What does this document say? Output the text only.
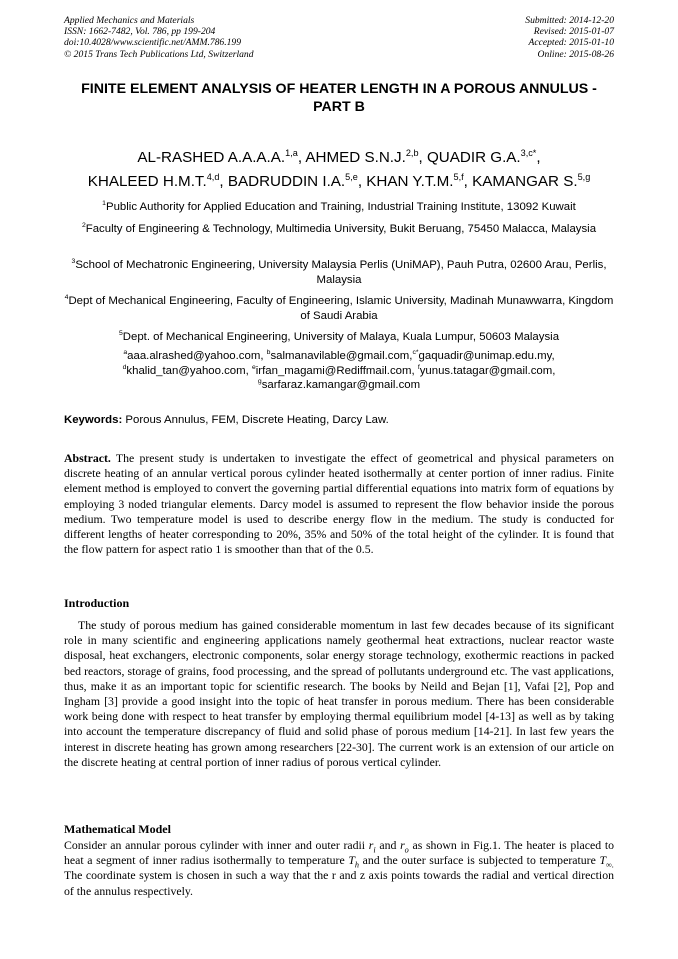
Applied Mechanics and Materials
ISSN: 1662-7482, Vol. 786, pp 199-204
doi:10.4028/www.scientific.net/AMM.786.199
© 2015 Trans Tech Publications Ltd, Switzerland
Submitted: 2014-12-20
Revised: 2015-01-07
Accepted: 2015-01-10
Online: 2015-08-26
FINITE ELEMENT ANALYSIS OF HEATER LENGTH IN A POROUS ANNULUS - PART B
AL-RASHED A.A.A.A.$^{1,a}$, AHMED S.N.J.$^{2,b}$, QUADIR G.A.$^{3,c*}$,
KHALEED H.M.T.$^{4,d}$, BADRUDDIN I.A.$^{5,e}$, KHAN Y.T.M.$^{5,f}$, KAMANGAR S.$^{5,g}$
$^1$Public Authority for Applied Education and Training, Industrial Training Institute, 13092 Kuwait
$^2$Faculty of Engineering & Technology, Multimedia University, Bukit Beruang, 75450 Malacca, Malaysia
$^3$School of Mechatronic Engineering, University Malaysia Perlis (UniMAP), Pauh Putra, 02600 Arau, Perlis, Malaysia
$^4$Dept of Mechanical Engineering, Faculty of Engineering, Islamic University, Madinah Munawwarra, Kingdom of Saudi Arabia
$^5$Dept. of Mechanical Engineering, University of Malaya, Kuala Lumpur, 50603 Malaysia
$^a$aaa.alrashed@yahoo.com, $^b$salmanavilable@gmail.com,$^{c*}$gaquadir@unimap.edu.my,
$^d$khalid_tan@yahoo.com, $^e$irfan_magami@Rediffmail.com, $^f$yunus.tatagar@gmail.com,
$^g$sarfaraz.kamangar@gmail.com
Keywords: Porous Annulus, FEM, Discrete Heating, Darcy Law.
Abstract. The present study is undertaken to investigate the effect of geometrical and physical parameters on discrete heating of an annular vertical porous cylinder heated isothermally at center portion of inner radius. Finite element method is employed to convert the governing partial differential equations into matrix form of equations by employing 3 noded triangular elements. Darcy model is assumed to represent the flow behavior inside the porous medium. Two temperature model is used to describe energy flow in the medium. The study is conducted for different lengths of heater corresponding to 20%, 35% and 50% of the total height of the cylinder. It is found that the flow pattern for aspect ratio 1 is smoother than that of the 0.5.
Introduction
The study of porous medium has gained considerable momentum in last few decades because of its significant role in many scientific and engineering applications namely geothermal heat extractions, nuclear reactor waste disposal, heat exchangers, electronic components, solar energy storage technology, exothermic reactions in packed bed reactors, storage of grains, food processing, and the spread of pollutants underground etc. The vast applications, thus, make it as an important topic for scientific research. The books by Neild and Bejan [1], Vafai [2], Pop and Ingham [3] provide a good insight into the topic of heat transfer in porous medium. There has been considerable work being done with respect to heat transfer by employing thermal equilibrium model [4-13] as well as by taking into account the temperature discrepancy of fluid and solid phase of porous medium [14-21]. In last few years the interest in discrete heating has grown among researchers [22-30]. The current work is an extension of our article on the discrete heating at central portion of inner radius of porous vertical cylinder.
Mathematical Model
Consider an annular porous cylinder with inner and outer radii $r_i$ and $r_o$ as shown in Fig.1. The heater is placed to heat a segment of inner radius isothermally to temperature $T_h$ and the outer surface is subjected to temperature $T_{\infty.}$ The coordinate system is chosen in such a way that the r and z axis points towards the radial and vertical direction of the annulus respectively.
